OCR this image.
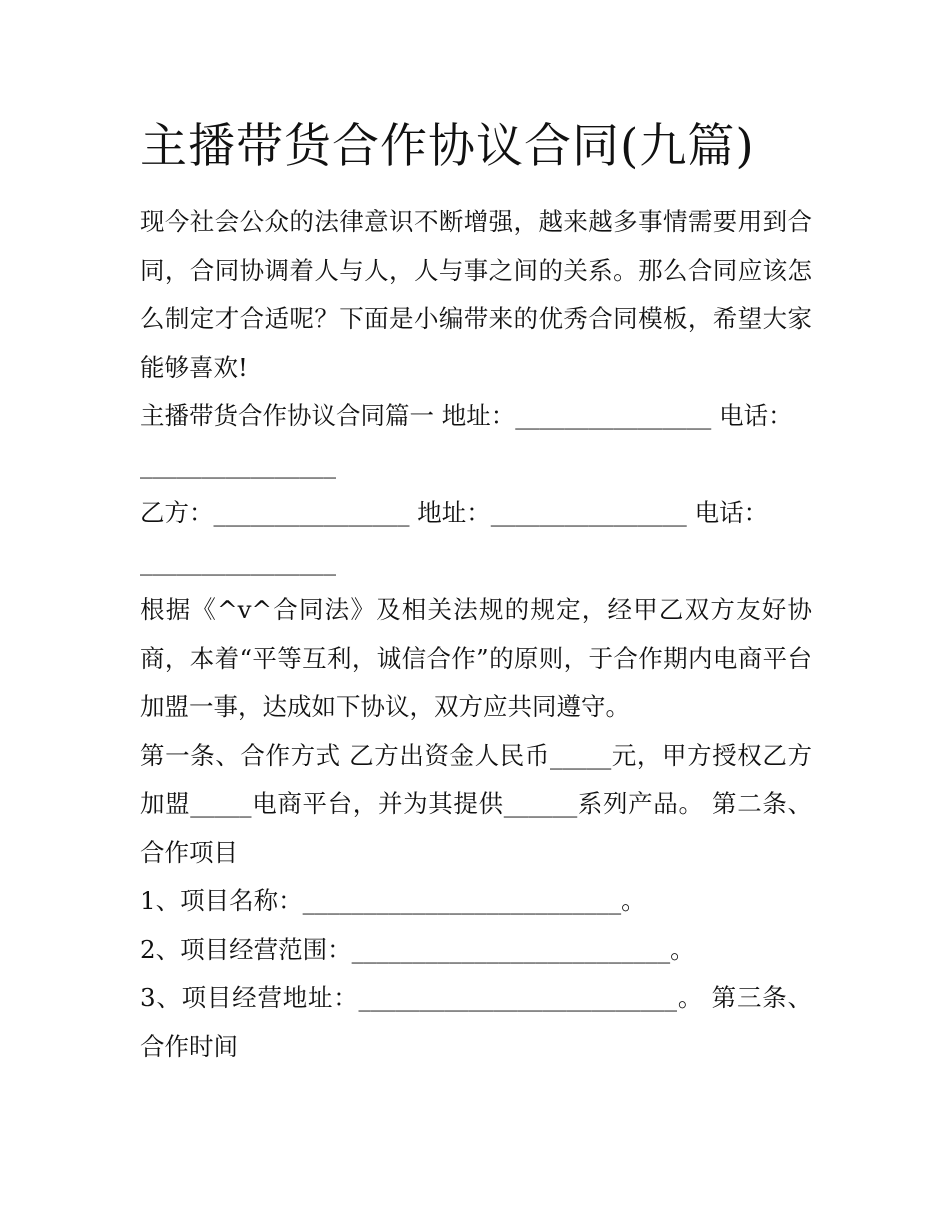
主播带货合作协议合同(九篇)

现今社会公众的法律意识不断增强，越来越多事情需要用到合同，合同协调着人与人，人与事之间的关系。那么合同应该怎么制定才合适呢？下面是小编带来的优秀合同模板，希望大家能够喜欢!

主播带货合作协议合同篇一 地址：________________ 电话：________________

乙方：________________ 地址：________________ 电话：________________

根据《^v^合同法》及相关法规的规定，经甲乙双方友好协商，本着“平等互利，诚信合作”的原则，于合作期内电商平台加盟一事，达成如下协议，双方应共同遵守。

第一条、合作方式 乙方出资金人民币_____元，甲方授权乙方加盟_____电商平台，并为其提供______系列产品。 第二条、合作项目

1、项目名称：__________________________。

2、项目经营范围：__________________________。

3、项目经营地址：__________________________。 第三条、合作时间
